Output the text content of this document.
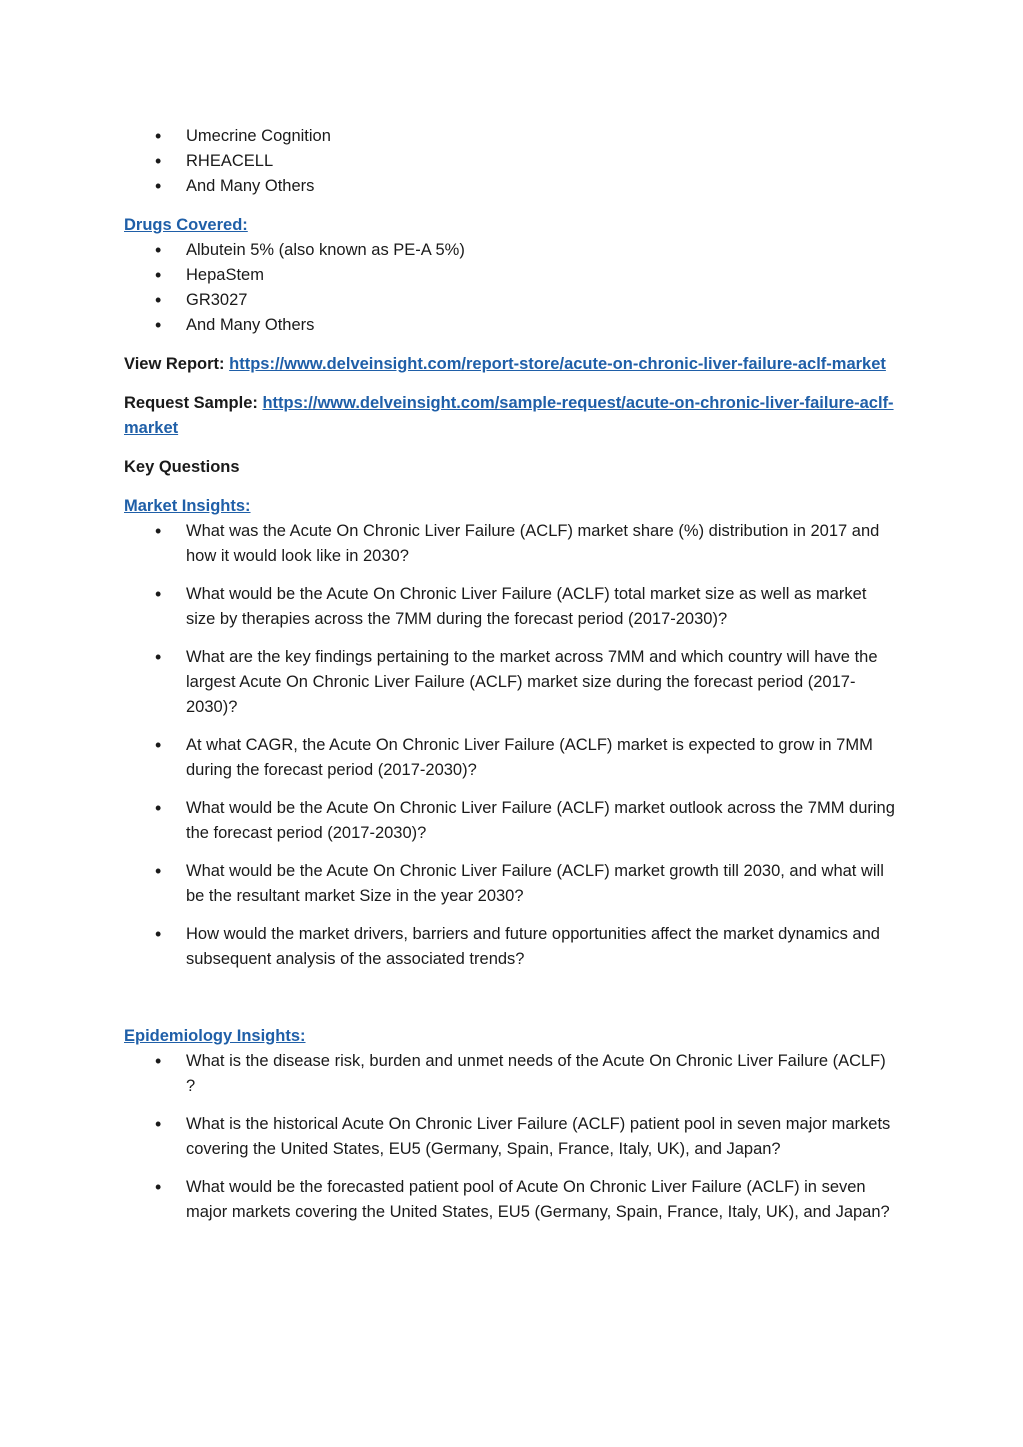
• Umecrine Cognition
• RHEACELL
• And Many Others

Drugs Covered:

• Albutein 5% (also known as PE-A 5%)
• HepaStem
• GR3027
• And Many Others

View Report: https://www.delveinsight.com/report-store/acute-on-chronic-liver-failure-aclf-market

Request Sample: https://www.delveinsight.com/sample-request/acute-on-chronic-liver-failure-aclf-market

Key Questions

Market Insights:

• What was the Acute On Chronic Liver Failure (ACLF) market share (%) distribution in 2017 and how it would look like in 2030?
• What would be the Acute On Chronic Liver Failure (ACLF) total market size as well as market size by therapies across the 7MM during the forecast period (2017-2030)?
• What are the key findings pertaining to the market across 7MM and which country will have the largest Acute On Chronic Liver Failure (ACLF) market size during the forecast period (2017-2030)?
• At what CAGR, the Acute On Chronic Liver Failure (ACLF) market is expected to grow in 7MM during the forecast period (2017-2030)?
• What would be the Acute On Chronic Liver Failure (ACLF) market outlook across the 7MM during the forecast period (2017-2030)?
• What would be the Acute On Chronic Liver Failure (ACLF) market growth till 2030, and what will be the resultant market Size in the year 2030?
• How would the market drivers, barriers and future opportunities affect the market dynamics and subsequent analysis of the associated trends?

Epidemiology Insights:

• What is the disease risk, burden and unmet needs of the Acute On Chronic Liver Failure (ACLF) ?
• What is the historical Acute On Chronic Liver Failure (ACLF) patient pool in seven major markets covering the United States, EU5 (Germany, Spain, France, Italy, UK), and Japan?
• What would be the forecasted patient pool of Acute On Chronic Liver Failure (ACLF) in seven major markets covering the United States, EU5 (Germany, Spain, France, Italy, UK), and Japan?
